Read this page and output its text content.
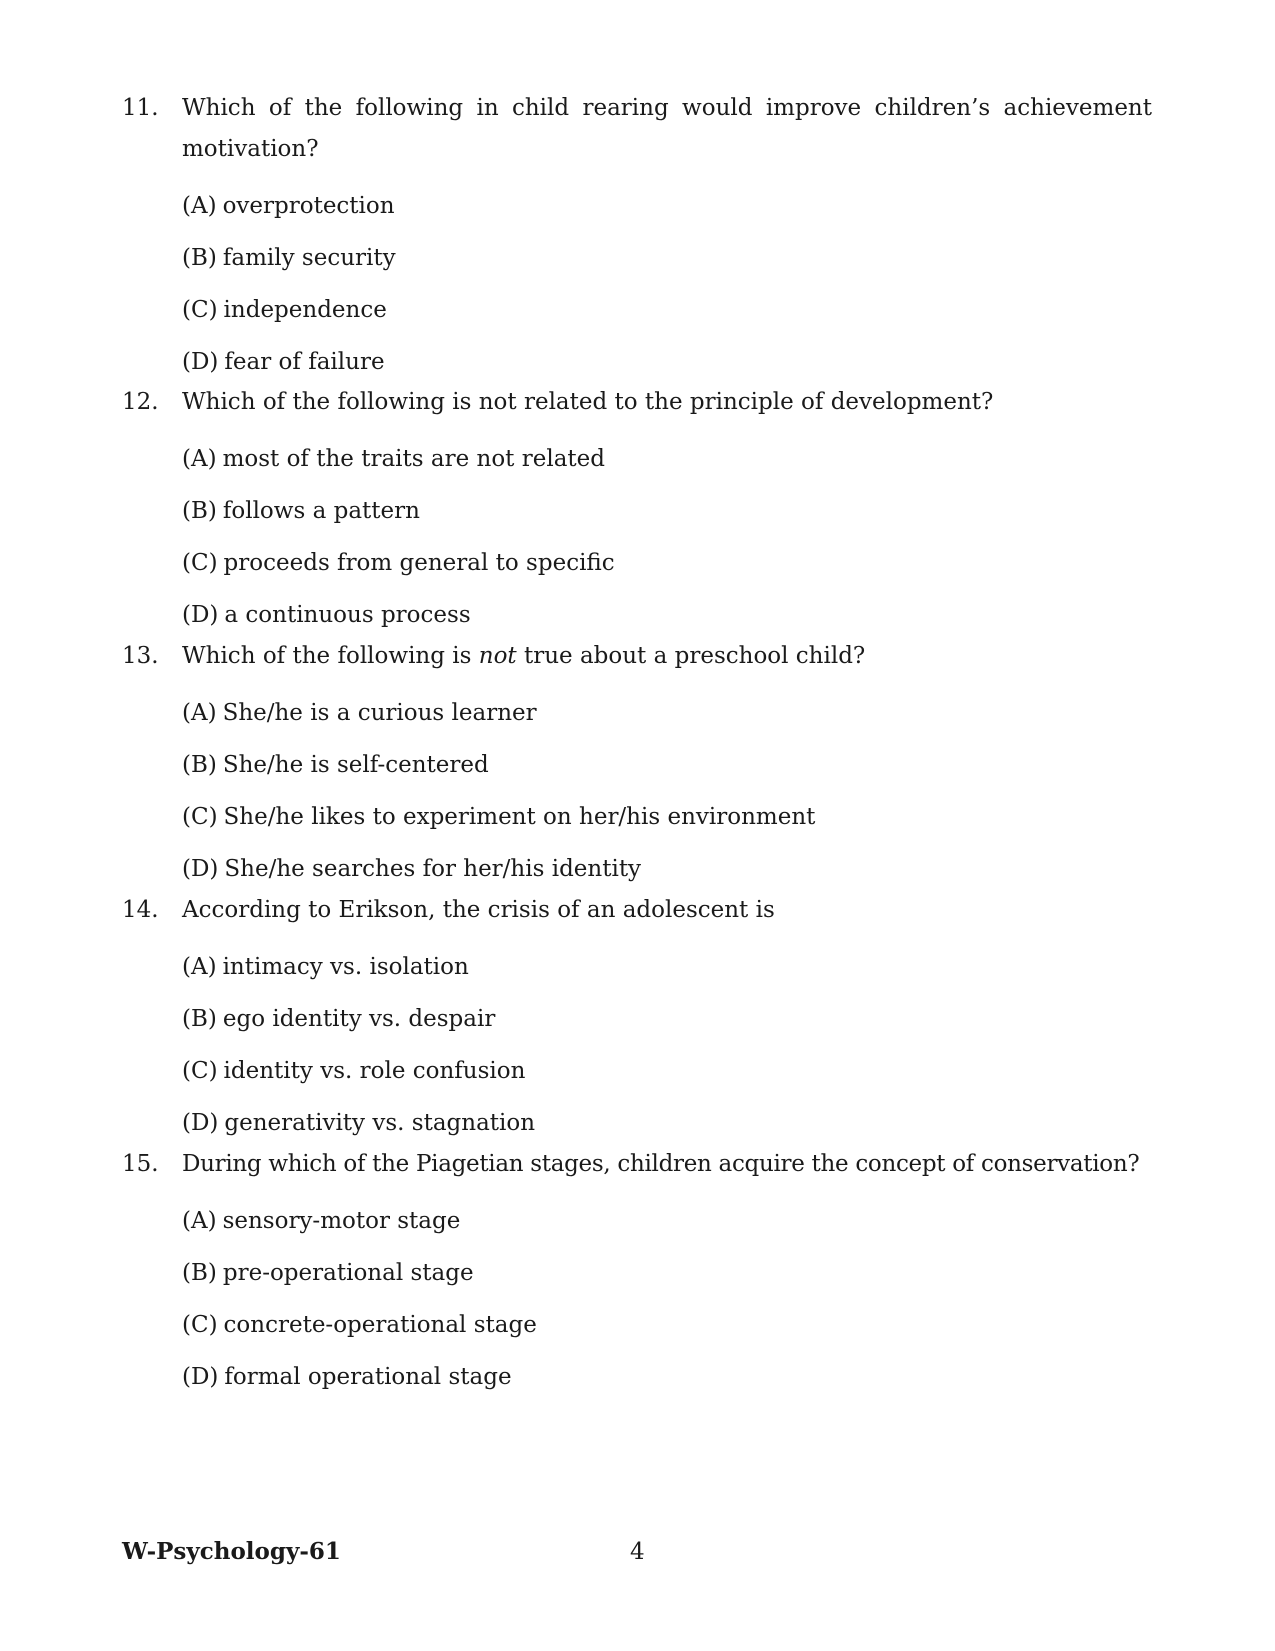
11.	Which of the following in child rearing would improve children’s achievement motivation?
(A) overprotection
(B) family security
(C) independence
(D) fear of failure
12.	Which of the following is not related to the principle of development?
(A) most of the traits are not related
(B) follows a pattern
(C) proceeds from general to specific
(D) a continuous process
13.	Which of the following is not true about a preschool child?
(A) She/he is a curious learner
(B) She/he is self-centered
(C) She/he likes to experiment on her/his environment
(D) She/he searches for her/his identity
14.	According to Erikson, the crisis of an adolescent is
(A) intimacy vs. isolation
(B) ego identity vs. despair
(C) identity vs. role confusion
(D) generativity vs. stagnation
15.	During which of the Piagetian stages, children acquire the concept of conservation?
(A) sensory-motor stage
(B) pre-operational stage
(C) concrete-operational stage
(D) formal operational stage
W-Psychology-61	4
